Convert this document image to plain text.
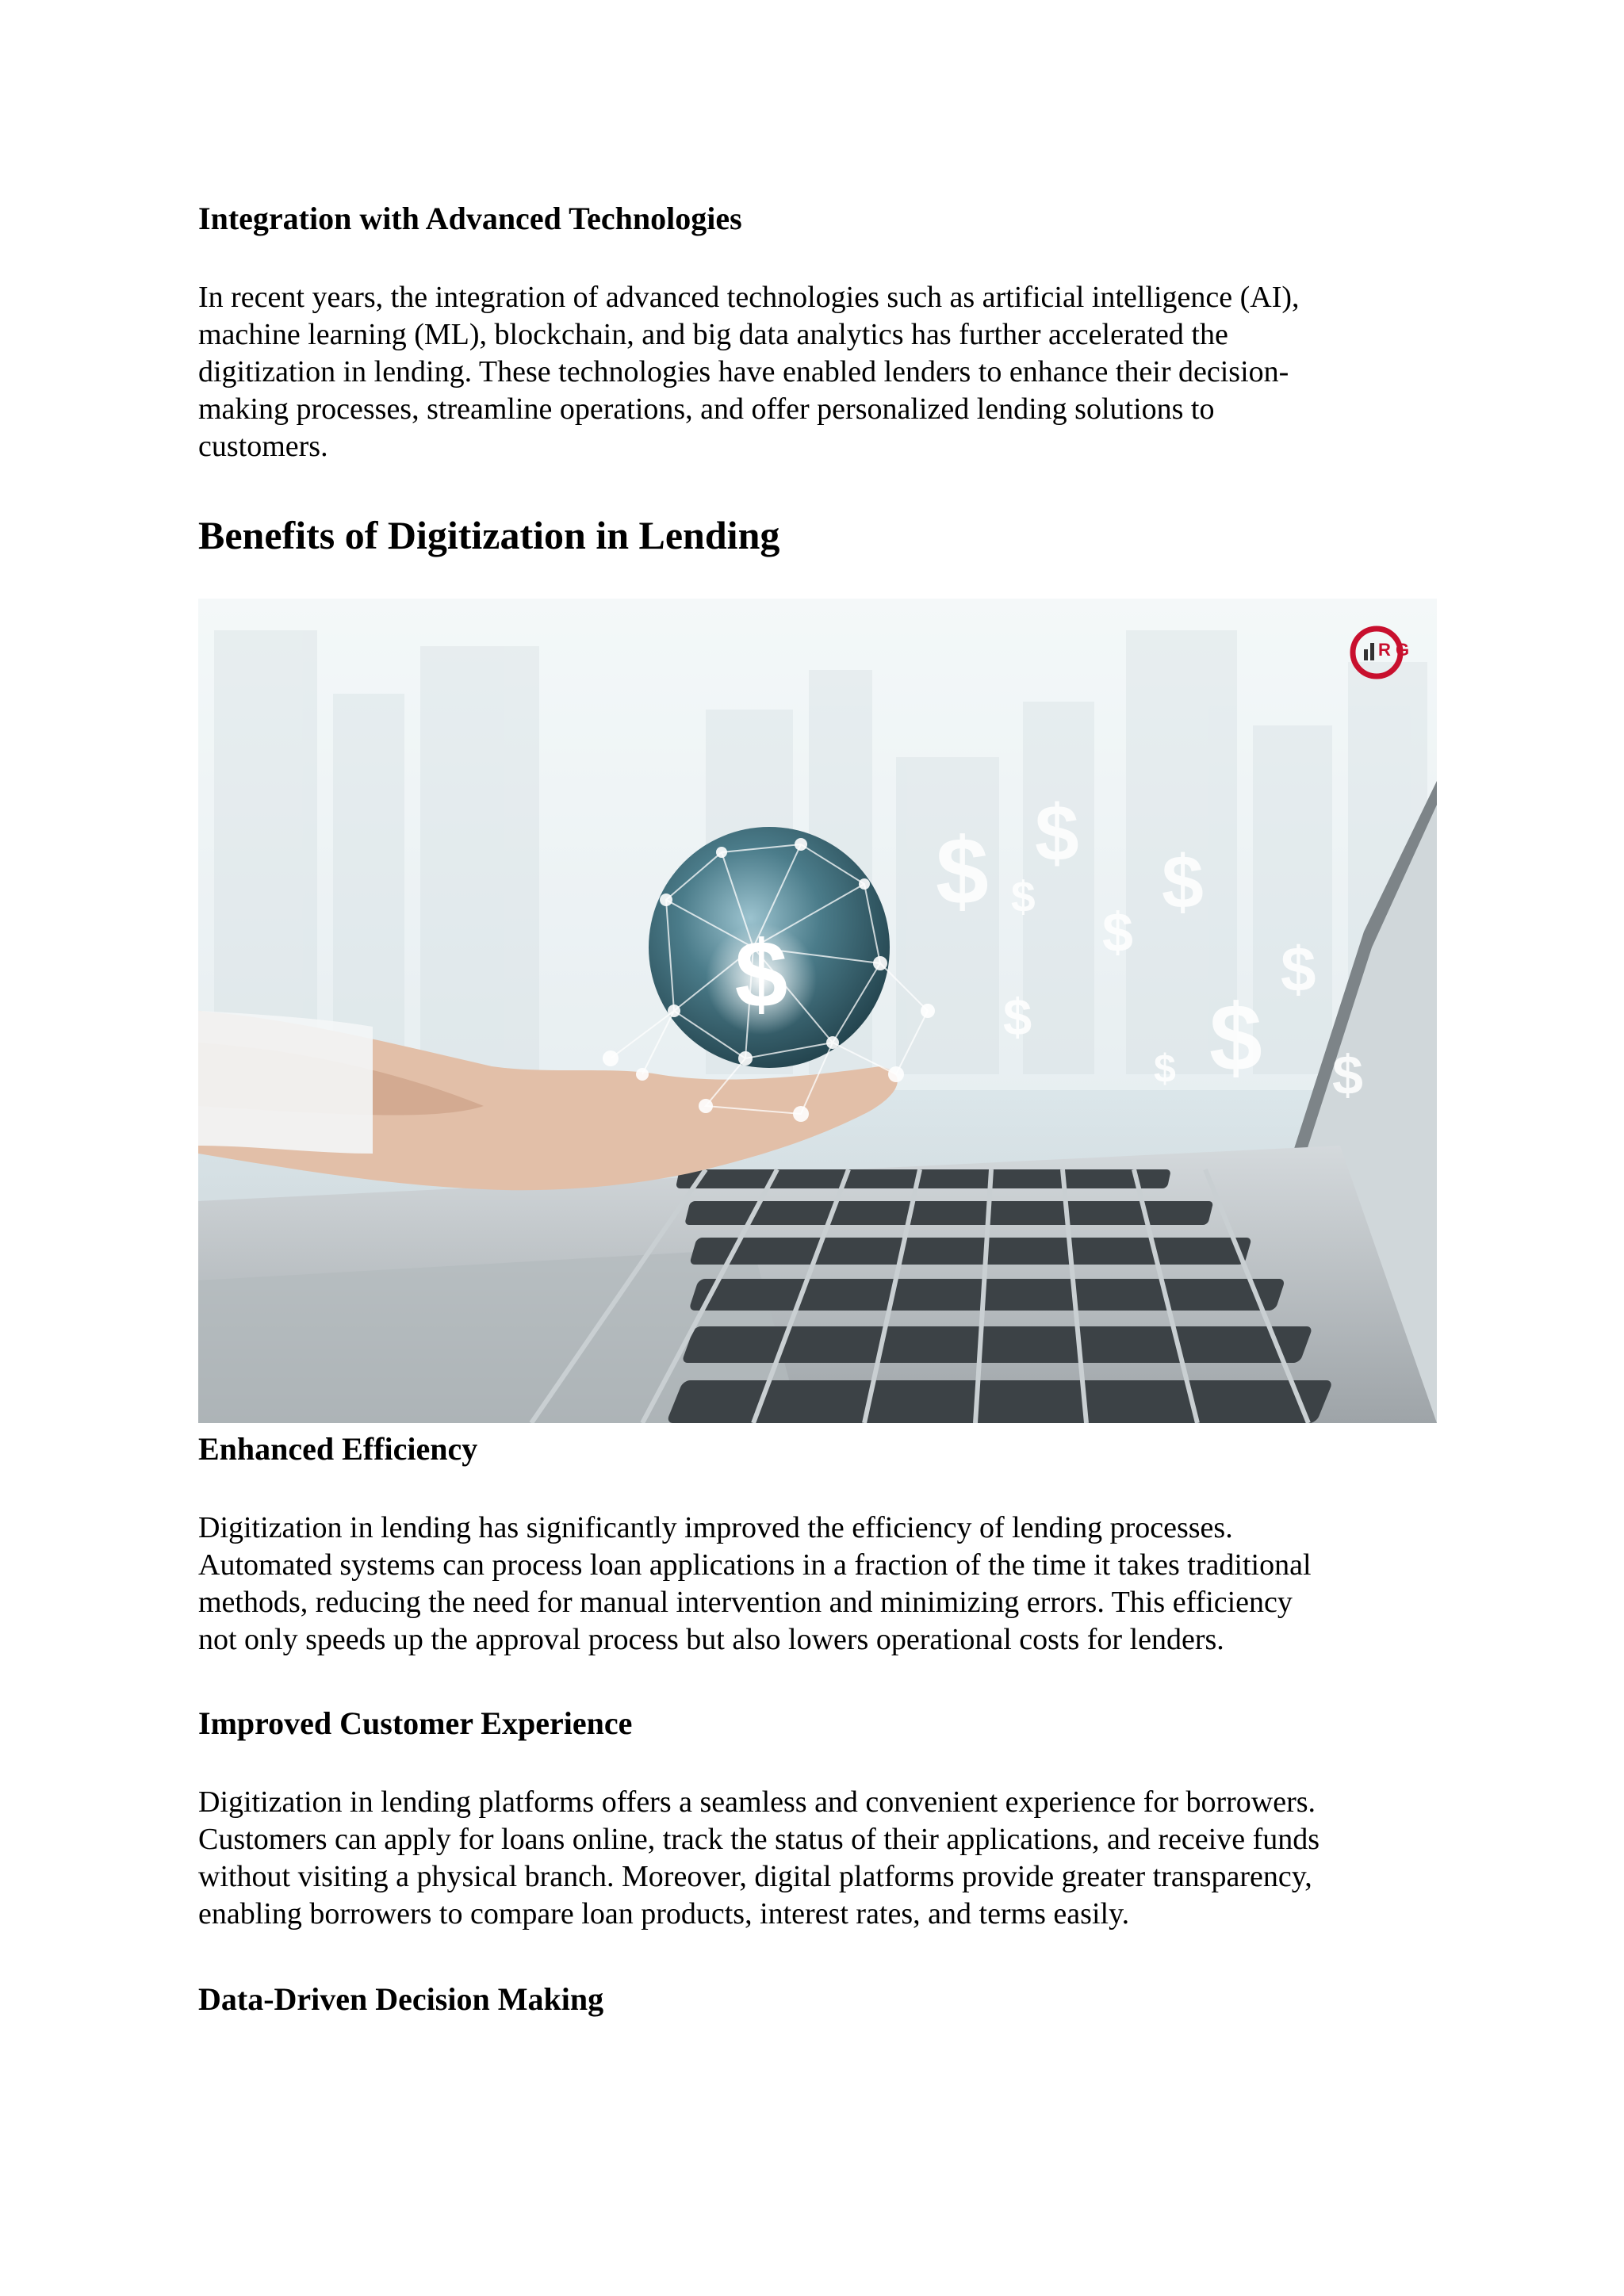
Integration with Advanced Technologies

In recent years, the integration of advanced technologies such as artificial intelligence (AI),
machine learning (ML), blockchain, and big data analytics has further accelerated the
digitization in lending. These technologies have enabled lenders to enhance their decision-
making processes, streamline operations, and offer personalized lending solutions to
customers.

Benefits of Digitization in Lending
$
$ $
$ $
$
$
$ $
$	$
R G
Enhanced Efficiency

Digitization in lending has significantly improved the efficiency of lending processes.
Automated systems can process loan applications in a fraction of the time it takes traditional
methods, reducing the need for manual intervention and minimizing errors. This efficiency
not only speeds up the approval process but also lowers operational costs for lenders.

Improved Customer Experience

Digitization in lending platforms offers a seamless and convenient experience for borrowers.
Customers can apply for loans online, track the status of their applications, and receive funds
without visiting a physical branch. Moreover, digital platforms provide greater transparency,
enabling borrowers to compare loan products, interest rates, and terms easily.

Data-Driven Decision Making
